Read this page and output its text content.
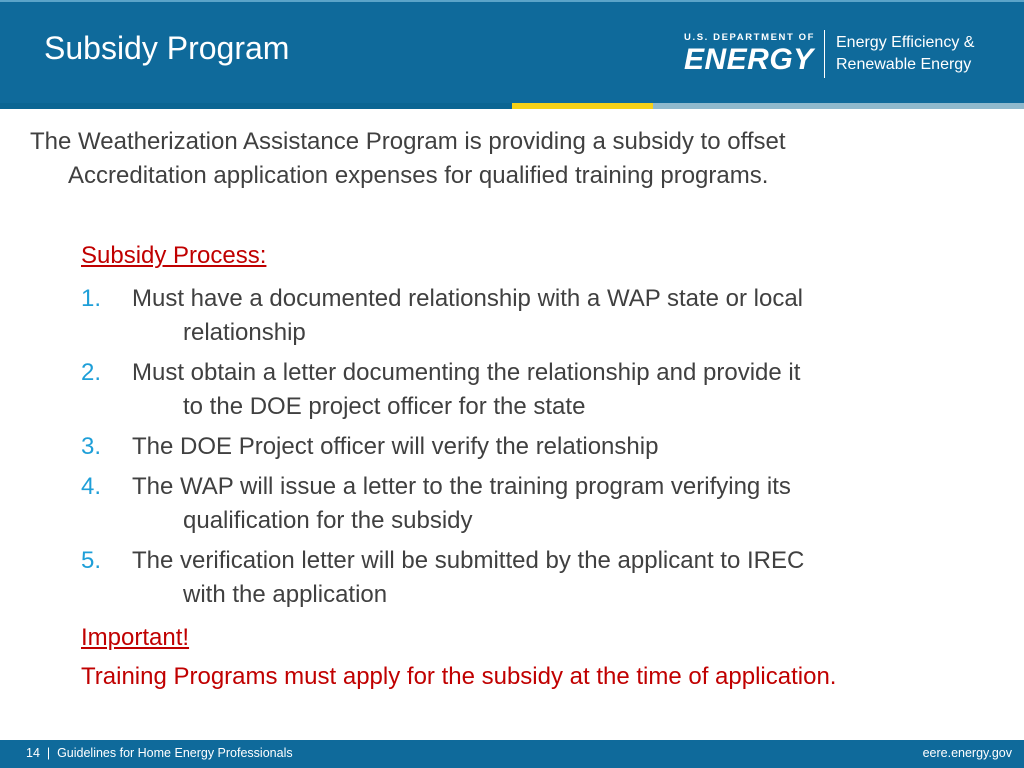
Subsidy Program	U.S. DEPARTMENT OF
ENERGY
Energy Efficiency &
Renewable Energy

The Weatherization Assistance Program is providing a subsidy to offset
Accreditation application expenses for qualified training programs.

Subsidy Process:
1. Must have a documented relationship with a WAP state or local
relationship
2. Must obtain a letter documenting the relationship and provide it
to the DOE project officer for the state
3. The DOE Project officer will verify the relationship
4. The WAP will issue a letter to the training program verifying its
qualification for the subsidy
5. The verification letter will be submitted by the applicant to IREC
with the application
Important!
Training Programs must apply for the subsidy at the time of application.
14 | Guidelines for Home Energy Professionals	eere.energy.gov
